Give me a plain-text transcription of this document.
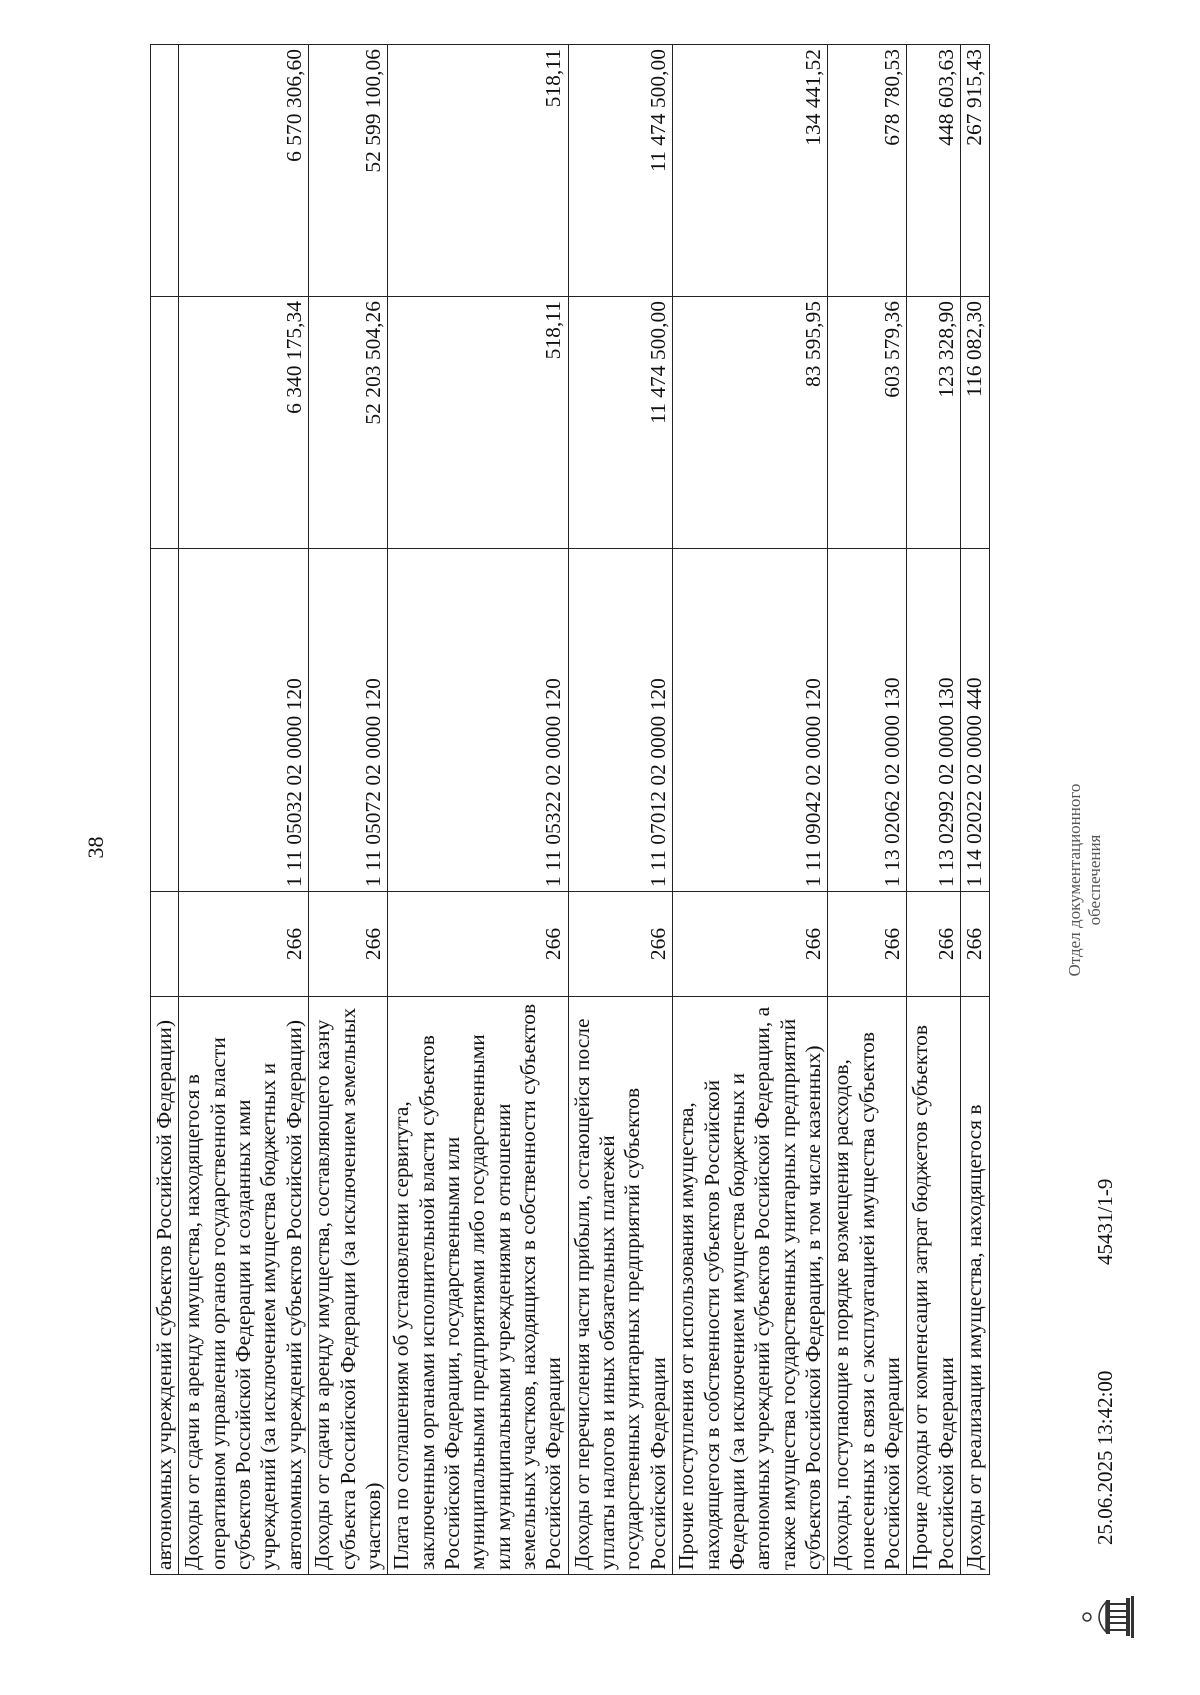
38
автономных учреждений субъектов Российской Федерации)				
Доходы от сдачи в аренду имущества, находящегося в оперативном управлении органов государственной власти субъектов Российской Федерации и созданных ими учреждений (за исключением имущества бюджетных и автономных учреждений субъектов Российской Федерации)	266	1 11 05032 02 0000 120	6 340 175,34	6 570 306,60
Доходы от сдачи в аренду имущества, составляющего казну субъекта Российской Федерации (за исключением земельных участков)	266	1 11 05072 02 0000 120	52 203 504,26	52 599 100,06
Плата по соглашениям об установлении сервитута, заключенным органами исполнительной власти субъектов Российской Федерации, государственными или муниципальными предприятиями либо государственными или муниципальными учреждениями в отношении земельных участков, находящихся в собственности субъектов Российской Федерации	266	1 11 05322 02 0000 120	518,11	518,11
Доходы от перечисления части прибыли, остающейся после уплаты налогов и иных обязательных платежей государственных унитарных предприятий субъектов Российской Федерации	266	1 11 07012 02 0000 120	11 474 500,00	11 474 500,00
Прочие поступления от использования имущества, находящегося в собственности субъектов Российской Федерации (за исключением имущества бюджетных и автономных учреждений субъектов Российской Федерации, а также имущества государственных унитарных предприятий субъектов Российской Федерации, в том числе казенных)	266	1 11 09042 02 0000 120	83 595,95	134 441,52
Доходы, поступающие в порядке возмещения расходов, понесенных в связи с эксплуатацией имущества субъектов Российской Федерации	266	1 13 02062 02 0000 130	603 579,36	678 780,53
Прочие доходы от компенсации затрат бюджетов субъектов Российской Федерации	266	1 13 02992 02 0000 130	123 328,90	448 603,63
Доходы от реализации имущества, находящегося в	266	1 14 02022 02 0000 440	116 082,30	267 915,43
25.06.2025 13:42:00
45431/1-9
Отдел документационного обеспечения
